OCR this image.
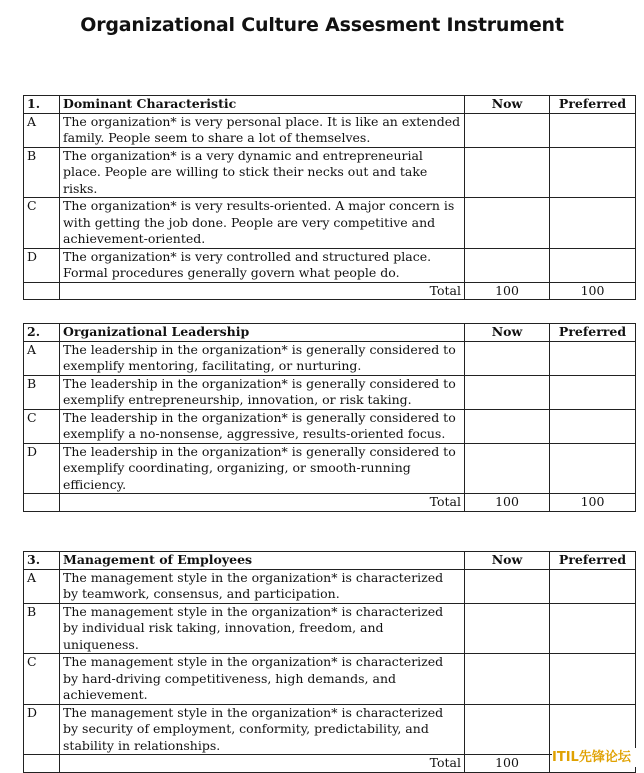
Organizational Culture Assesment Instrument
1.	Dominant Characteristic	Now	Preferred
A	The organization* is very personal place. It is like an extended family. People seem to share a lot of themselves.		
B	The organization* is a very dynamic and entrepreneurial place. People are willing to stick their necks out and take risks.		
C	The organization* is very results-oriented. A major concern is with getting the job done. People are very competitive and achievement-oriented.		
D	The organization* is very controlled and structured place. Formal procedures generally govern what people do.		
	Total	100	100
2.	Organizational Leadership	Now	Preferred
A	The leadership in the organization* is generally considered to exemplify mentoring, facilitating, or nurturing.		
B	The leadership in the organization* is generally considered to exemplify entrepreneurship, innovation, or risk taking.		
C	The leadership in the organization* is generally considered to exemplify a no-nonsense, aggressive, results-oriented focus.		
D	The leadership in the organization* is generally considered to exemplify coordinating, organizing, or smooth-running efficiency.		
	Total	100	100
3.	Management of Employees	Now	Preferred
A	The management style in the organization* is characterized by teamwork, consensus, and participation.		
B	The management style in the organization* is characterized by individual risk taking, innovation, freedom, and uniqueness.		
C	The management style in the organization* is characterized by hard-driving competitiveness, high demands, and achievement.		
D	The management style in the organization* is characterized by security of employment, conformity, predictability, and stability in relationships.		
	Total	100		ITIL先锋论坛
